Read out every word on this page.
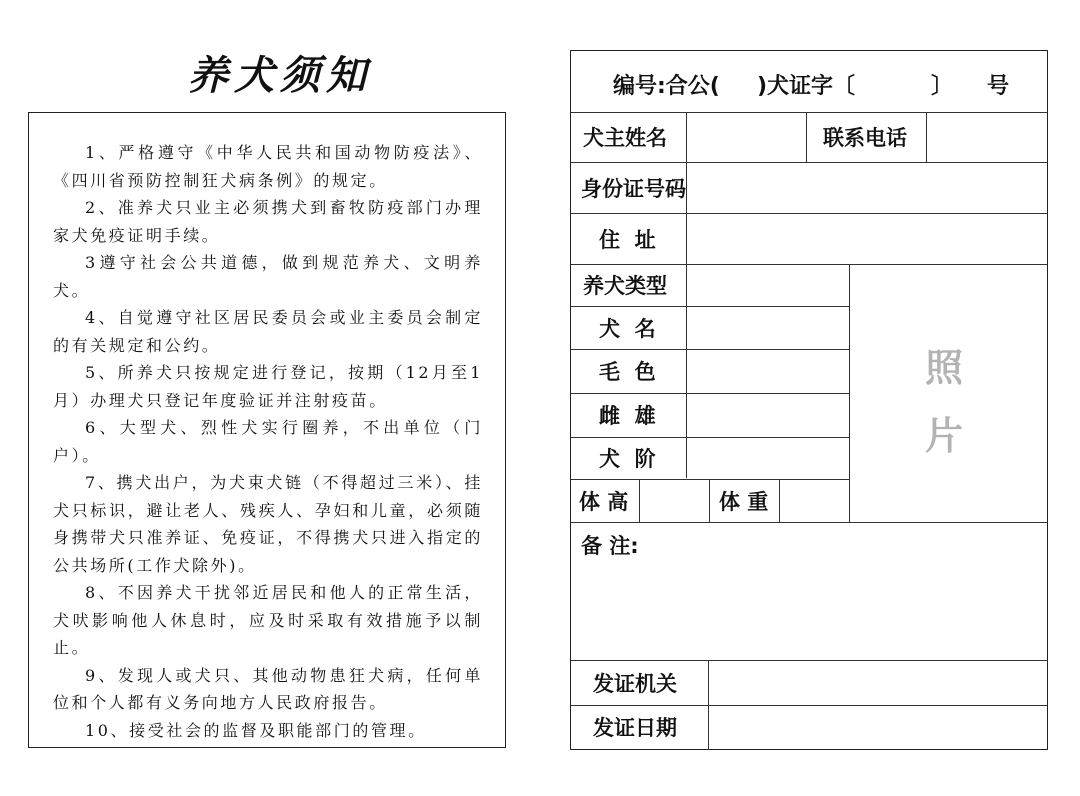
养犬须知

1、严格遵守《中华人民共和国动物防疫法》、《四川省预防控制狂犬病条例》的规定。

2、准养犬只业主必须携犬到畜牧防疫部门办理家犬免疫证明手续。

3遵守社会公共道德，做到规范养犬、文明养犬。

4、自觉遵守社区居民委员会或业主委员会制定的有关规定和公约。

5、所养犬只按规定进行登记，按期（12月至1月）办理犬只登记年度验证并注射疫苗。

6、大型犬、烈性犬实行圈养，不出单位（门户）。

7、携犬出户，为犬束犬链（不得超过三米）、挂犬只标识，避让老人、残疾人、孕妇和儿童，必须随身携带犬只准养证、免疫证，不得携犬只进入指定的公共场所(工作犬除外)。

8、不因养犬干扰邻近居民和他人的正常生活，犬吠影响他人休息时，应及时采取有效措施予以制止。

9、发现人或犬只、其他动物患狂犬病，任何单位和个人都有义务向地方人民政府报告。

10、接受社会的监督及职能部门的管理。

编号:合公( )犬证字〔	〕 号
犬主姓名	联系电话
身份证号码
住  址
养犬类型
犬  名
毛  色
雌  雄
犬  阶
体 高	体 重
备 注:
发证机关
发证日期
照
片
